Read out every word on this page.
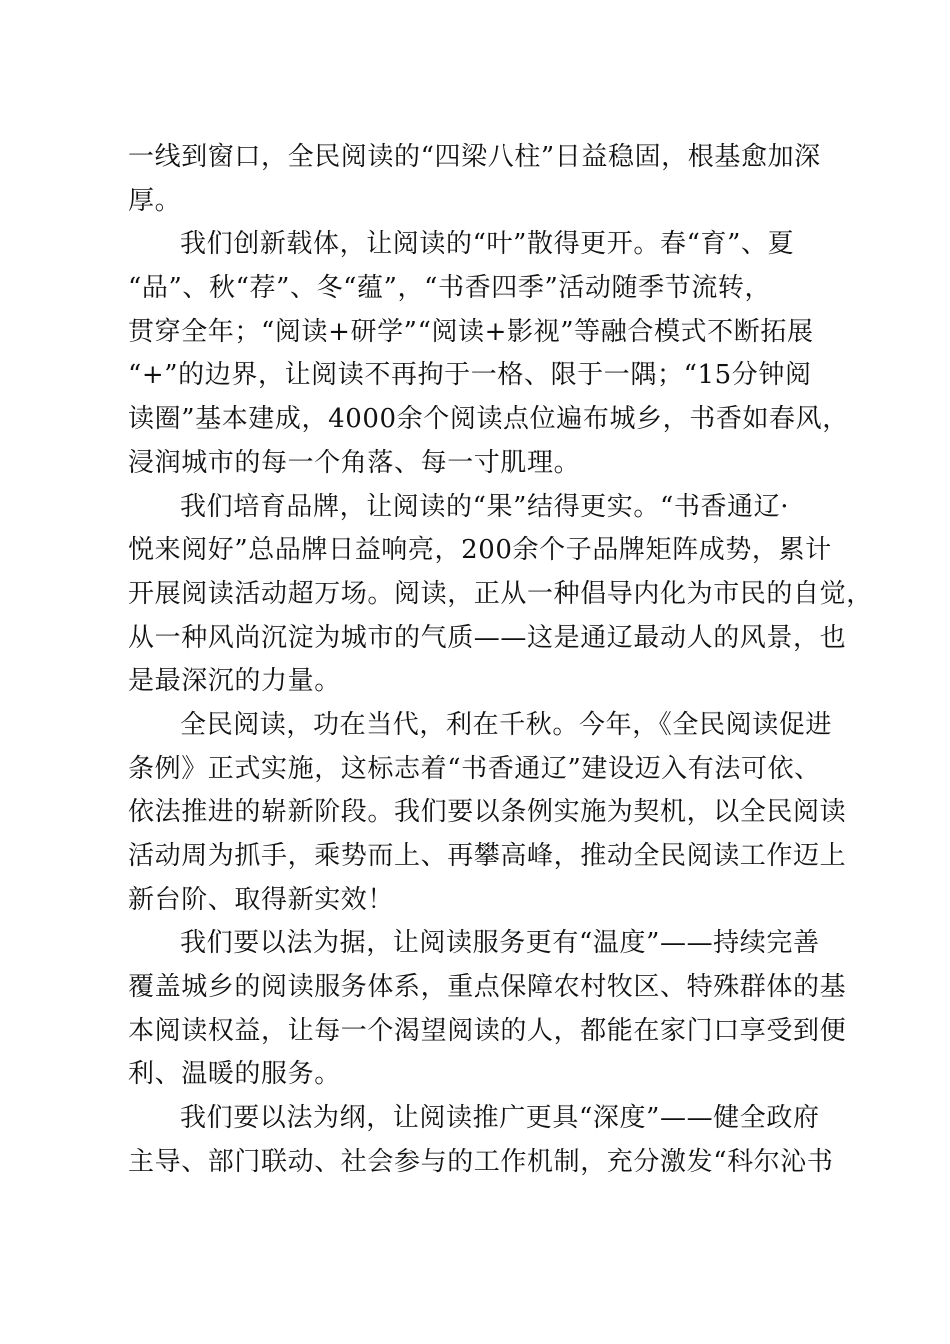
一线到窗口，全民阅读的“四梁八柱”日益稳固，根基愈加深
厚。
我们创新载体，让阅读的“叶”散得更开。春“育”、夏
“品”、秋“荐”、冬“蕴”，“书香四季”活动随季节流转，
贯穿全年；“阅读+研学”“阅读+影视”等融合模式不断拓展
“+”的边界，让阅读不再拘于一格、限于一隅；“15分钟阅
读圈”基本建成，4000余个阅读点位遍布城乡，书香如春风，
浸润城市的每一个角落、每一寸肌理。
我们培育品牌，让阅读的“果”结得更实。“书香通辽·
悦来阅好”总品牌日益响亮，200余个子品牌矩阵成势，累计
开展阅读活动超万场。阅读，正从一种倡导内化为市民的自觉，
从一种风尚沉淀为城市的气质——这是通辽最动人的风景，也
是最深沉的力量。
全民阅读，功在当代，利在千秋。今年，《全民阅读促进
条例》正式实施，这标志着“书香通辽”建设迈入有法可依、
依法推进的崭新阶段。我们要以条例实施为契机，以全民阅读
活动周为抓手，乘势而上、再攀高峰，推动全民阅读工作迈上
新台阶、取得新实效！
我们要以法为据，让阅读服务更有“温度”——持续完善
覆盖城乡的阅读服务体系，重点保障农村牧区、特殊群体的基
本阅读权益，让每一个渴望阅读的人，都能在家门口享受到便
利、温暖的服务。
我们要以法为纲，让阅读推广更具“深度”——健全政府
主导、部门联动、社会参与的工作机制，充分激发“科尔沁书
